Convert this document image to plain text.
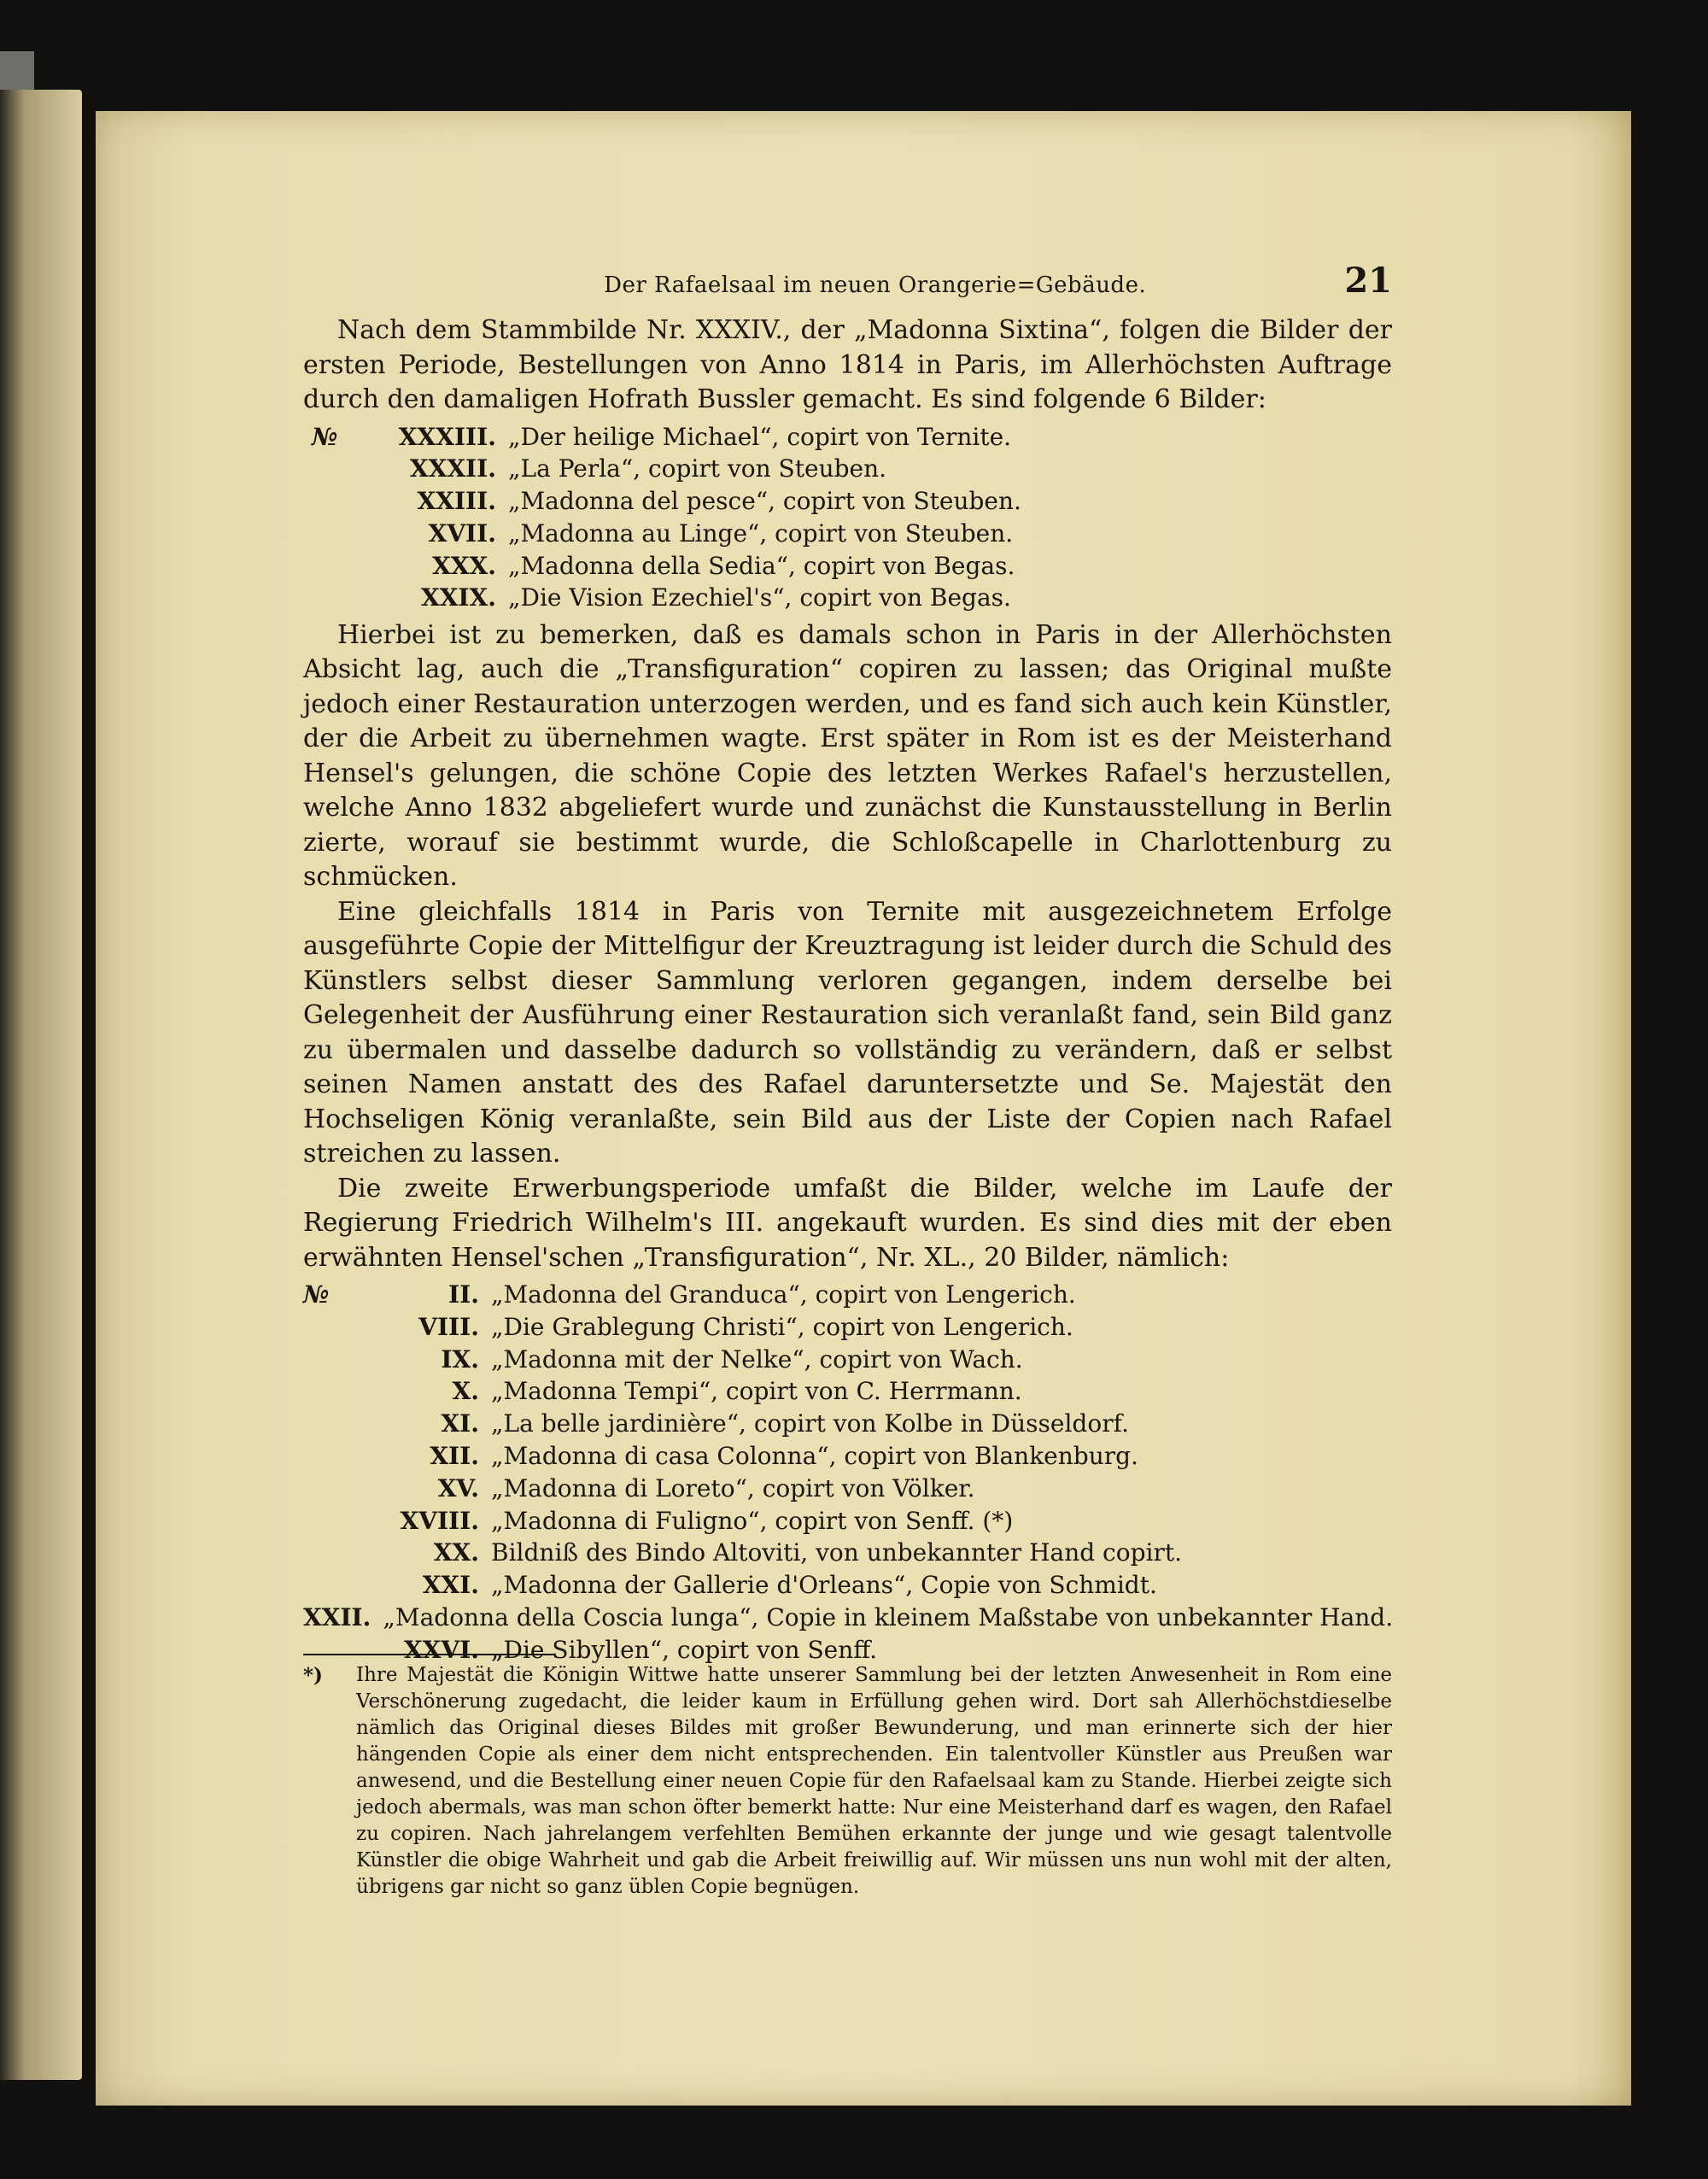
Der Rafaelsaal im neuen Orangerie=Gebäude.	21

Nach dem Stammbilde Nr. XXXIV., der „Madonna Sixtina“, folgen die Bilder der ersten Periode, Bestellungen von Anno 1814 in Paris, im Allerhöchsten Auftrage durch den damaligen Hofrath Bussler gemacht. Es sind folgende 6 Bilder:

№	XXXIII. „Der heilige Michael“, copirt von Ternite.
XXXII. „La Perla“, copirt von Steuben.
XXIII. „Madonna del pesce“, copirt von Steuben.
XVII. „Madonna au Linge“, copirt von Steuben.
XXX. „Madonna della Sedia“, copirt von Begas.
XXIX. „Die Vision Ezechiel's“, copirt von Begas.

Hierbei ist zu bemerken, daß es damals schon in Paris in der Allerhöchsten Absicht lag, auch die „Transfiguration“ copiren zu lassen; das Original mußte jedoch einer Restauration unterzogen werden, und es fand sich auch kein Künstler, der die Arbeit zu übernehmen wagte. Erst später in Rom ist es der Meisterhand Hensel's gelungen, die schöne Copie des letzten Werkes Rafael's herzustellen, welche Anno 1832 abgeliefert wurde und zunächst die Kunstausstellung in Berlin zierte, worauf sie bestimmt wurde, die Schloßcapelle in Charlottenburg zu schmücken.

Eine gleichfalls 1814 in Paris von Ternite mit ausgezeichnetem Erfolge ausgeführte Copie der Mittelfigur der Kreuztragung ist leider durch die Schuld des Künstlers selbst dieser Sammlung verloren gegangen, indem derselbe bei Gelegenheit der Ausführung einer Restauration sich veranlaßt fand, sein Bild ganz zu übermalen und dasselbe dadurch so vollständig zu verändern, daß er selbst seinen Namen anstatt des des Rafael daruntersetzte und Se. Majestät den Hochseligen König veranlaßte, sein Bild aus der Liste der Copien nach Rafael streichen zu lassen.

Die zweite Erwerbungsperiode umfaßt die Bilder, welche im Laufe der Regierung Friedrich Wilhelm's III. angekauft wurden. Es sind dies mit der eben erwähnten Hensel'schen „Transfiguration“, Nr. XL., 20 Bilder, nämlich:

№	II. „Madonna del Granduca“, copirt von Lengerich.
VIII. „Die Grablegung Christi“, copirt von Lengerich.
IX. „Madonna mit der Nelke“, copirt von Wach.
X. „Madonna Tempi“, copirt von C. Herrmann.
XI. „La belle jardinière“, copirt von Kolbe in Düsseldorf.
XII. „Madonna di casa Colonna“, copirt von Blankenburg.
XV. „Madonna di Loreto“, copirt von Völker.
XVIII. „Madonna di Fuligno“, copirt von Senff. (*)
XX. Bildniß des Bindo Altoviti, von unbekannter Hand copirt.
XXI. „Madonna der Gallerie d'Orleans“, Copie von Schmidt.
XXII. „Madonna della Coscia lunga“, Copie in kleinem Maßstabe von unbekannter Hand.
XXVI. „Die Sibyllen“, copirt von Senff.
*)	Ihre Majestät die Königin Wittwe hatte unserer Sammlung bei der letzten Anwesenheit in Rom eine Verschönerung zugedacht, die leider kaum in Erfüllung gehen wird. Dort sah Allerhöchstdieselbe nämlich das Original dieses Bildes mit großer Bewunderung, und man erinnerte sich der hier hängenden Copie als einer dem nicht entsprechenden. Ein talentvoller Künstler aus Preußen war anwesend, und die Bestellung einer neuen Copie für den Rafaelsaal kam zu Stande. Hierbei zeigte sich jedoch abermals, was man schon öfter bemerkt hatte: Nur eine Meisterhand darf es wagen, den Rafael zu copiren. Nach jahrelangem verfehlten Bemühen erkannte der junge und wie gesagt talentvolle Künstler die obige Wahrheit und gab die Arbeit freiwillig auf. Wir müssen uns nun wohl mit der alten, übrigens gar nicht so ganz üblen Copie begnügen.
